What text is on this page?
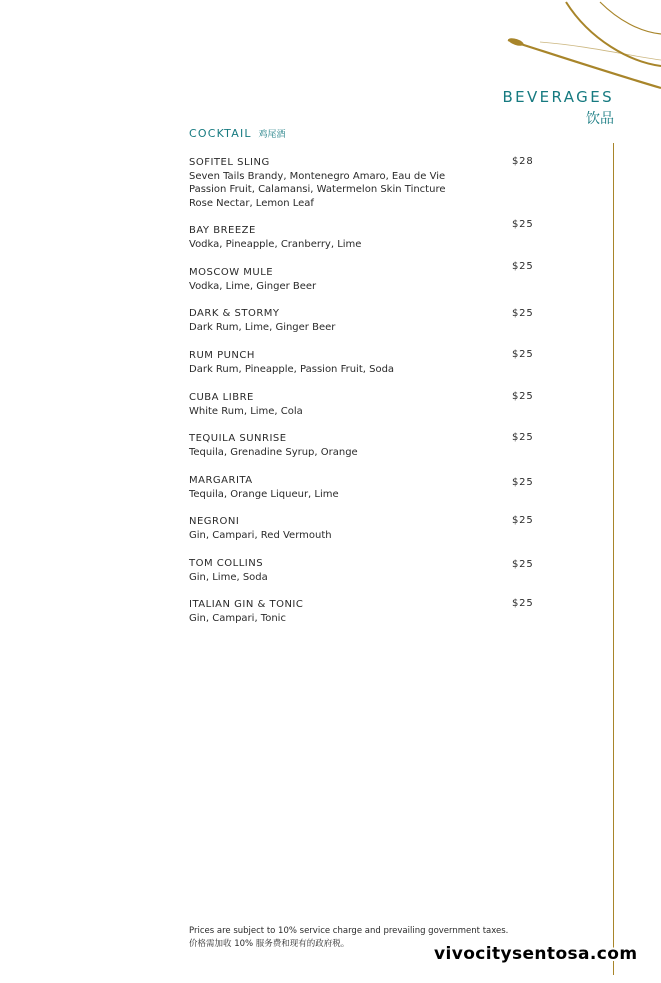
BEVERAGES
饮品
COCKTAIL 鸡尾酒
SOFITEL SLING
Seven Tails Brandy, Montenegro Amaro, Eau de Vie
Passion Fruit, Calamansi, Watermelon Skin Tincture
Rose Nectar, Lemon Leaf
$28
BAY BREEZE
Vodka, Pineapple, Cranberry, Lime
$25
MOSCOW MULE
Vodka, Lime, Ginger Beer
$25
DARK & STORMY
Dark Rum, Lime, Ginger Beer
$25
RUM PUNCH
Dark Rum, Pineapple, Passion Fruit, Soda
$25
CUBA LIBRE
White Rum, Lime, Cola
$25
TEQUILA SUNRISE
Tequila, Grenadine Syrup, Orange
$25
MARGARITA
Tequila, Orange Liqueur, Lime
$25
NEGRONI
Gin, Campari, Red Vermouth
$25
TOM COLLINS
Gin, Lime, Soda
$25
ITALIAN GIN & TONIC
Gin, Campari, Tonic
$25
Prices are subject to 10% service charge and prevailing government taxes.
价格需加收 10% 服务费和现有的政府税。	vivocitysentosa.com
